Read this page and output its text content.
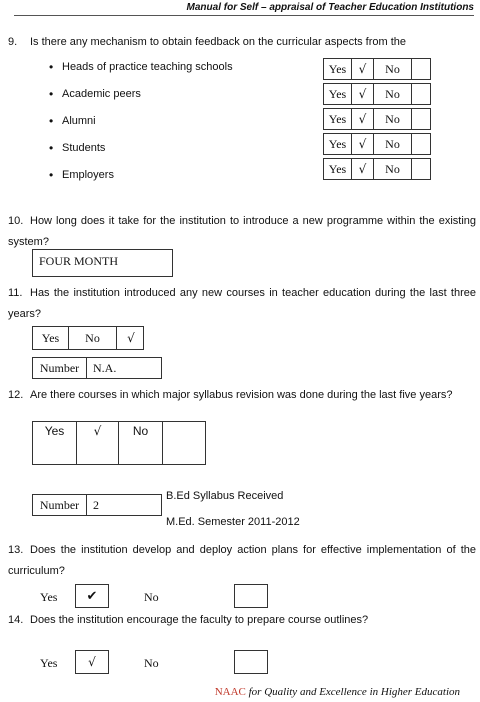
Manual for Self – appraisal of Teacher Education Institutions
9. Is there any mechanism to obtain feedback on the curricular aspects from the
• Heads of practice teaching schools	Yes	√	No
• Academic peers	Yes	√	No
• Alumni	Yes	√	No
• Students	Yes	√	No
• Employers	Yes	√	No
10. How long does it take for the institution to introduce a new programme within the existing system?
FOUR MONTH
11. Has the institution introduced any new courses in teacher education during the last three years?
Yes	No	√
Number	N.A.
12. Are there courses in which major syllabus revision was done during the last five years?
Yes	√	No
Number	2
B.Ed Syllabus Received
M.Ed. Semester 2011-2012
13. Does the institution develop and deploy action plans for effective implementation of the curriculum?
Yes ✔	No
14. Does the institution encourage the faculty to prepare course outlines?
Yes	√	No
NAAC for Quality and Excellence in Higher Education
